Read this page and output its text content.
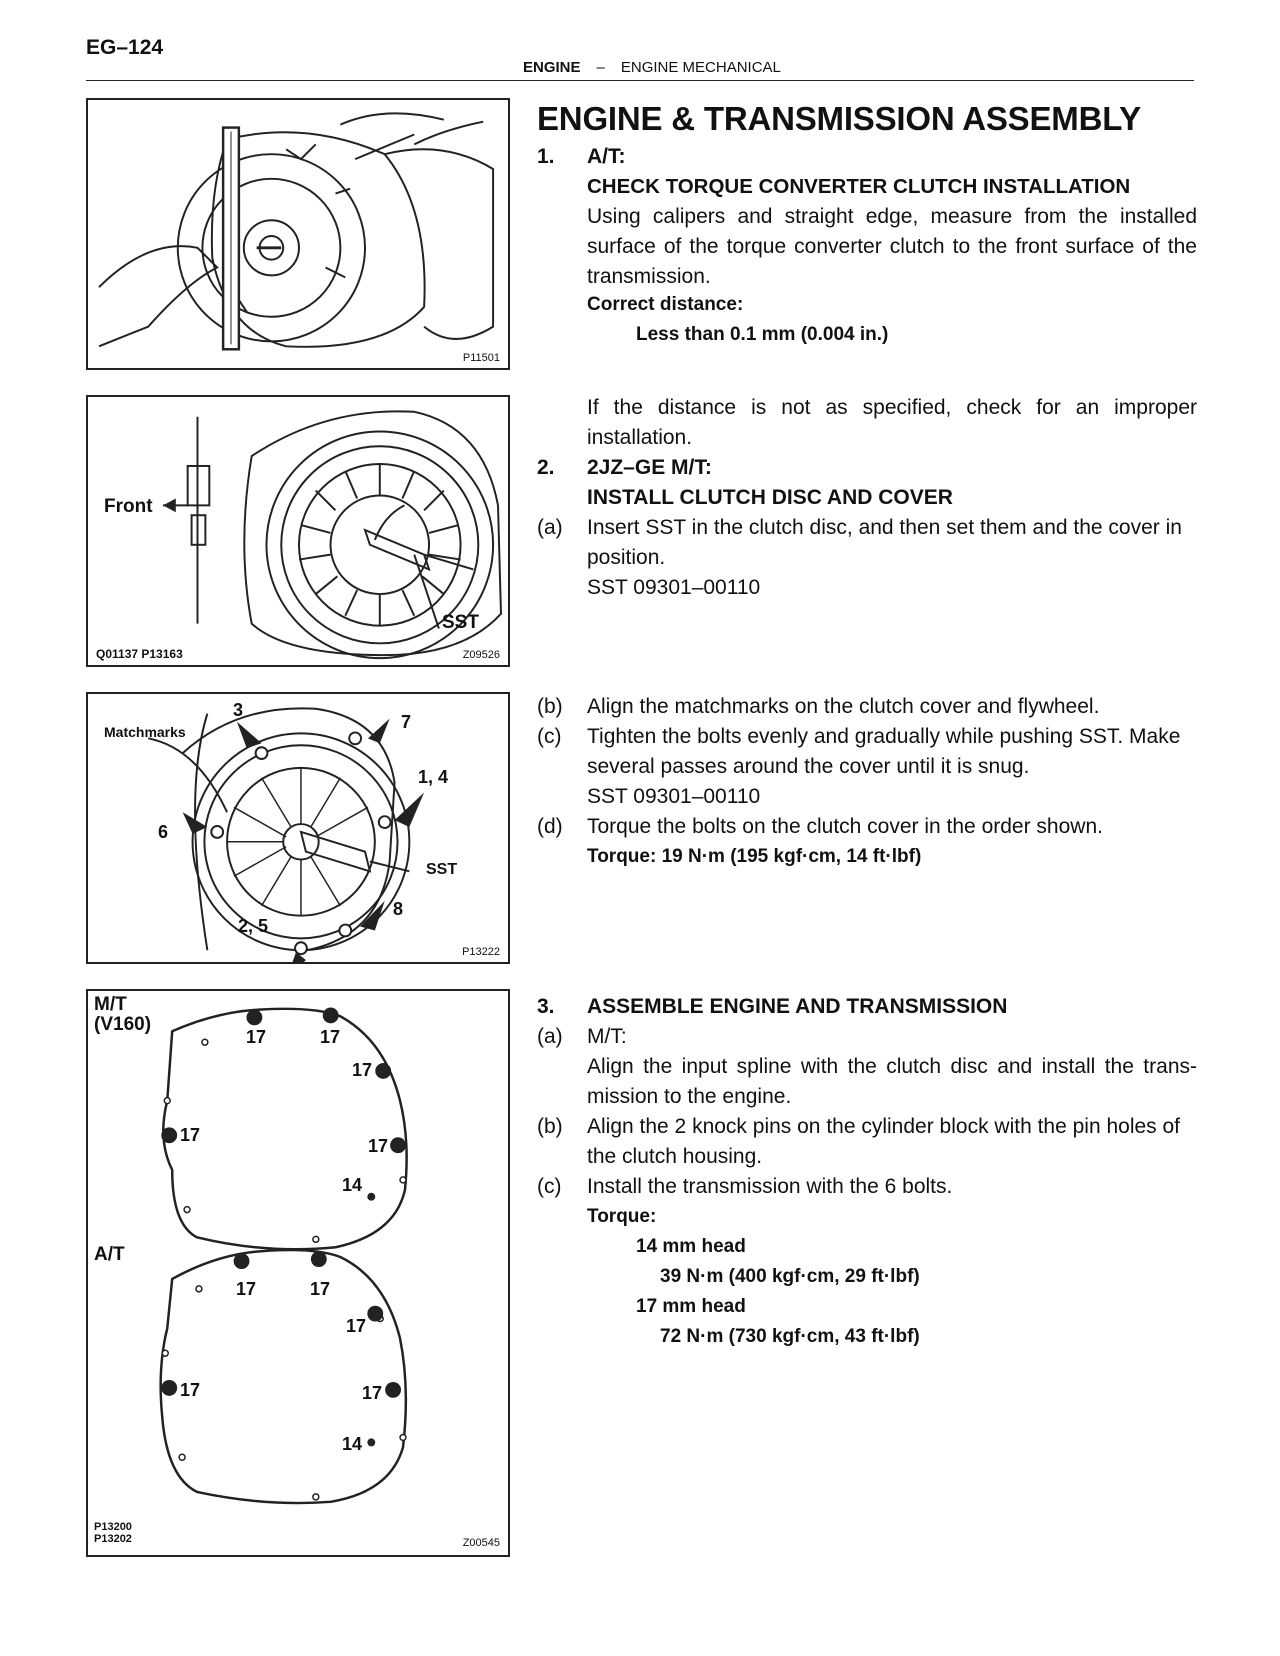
EG–124
ENGINE – ENGINE MECHANICAL
P11501
Front
Q01137 P13163
SST
Z09526
Matchmarks
3
7
1, 4
6
SST
8
2, 5
P13222
M/T
(V160)
A/T
17	17
17
17
17
14
17	17
17
17	17
14
P13200
P13202	Z00545
ENGINE & TRANSMISSION ASSEMBLY
1. A/T:
CHECK TORQUE CONVERTER CLUTCH INSTALLATION
Using calipers and straight edge, measure from the installed surface of the torque converter clutch to the front surface of the transmission.
Correct distance:
Less than 0.1 mm (0.004 in.)
If the distance is not as specified, check for an improper installation.
2. 2JZ–GE M/T:
INSTALL CLUTCH DISC AND COVER
(a) Insert SST in the clutch disc, and then set them and the cover in position.
SST 09301–00110
(b) Align the matchmarks on the clutch cover and flywheel.
(c) Tighten the bolts evenly and gradually while pushing SST. Make several passes around the cover until it is snug.
SST 09301–00110
(d) Torque the bolts on the clutch cover in the order shown.
Torque: 19 N·m (195 kgf·cm, 14 ft·lbf)
3. ASSEMBLE ENGINE AND TRANSMISSION
(a) M/T:
Align the input spline with the clutch disc and install the trans-mission to the engine.
(b) Align the 2 knock pins on the cylinder block with the pin holes of the clutch housing.
(c) Install the transmission with the 6 bolts.
Torque:
14 mm head
39 N·m (400 kgf·cm, 29 ft·lbf)
17 mm head
72 N·m (730 kgf·cm, 43 ft·lbf)
